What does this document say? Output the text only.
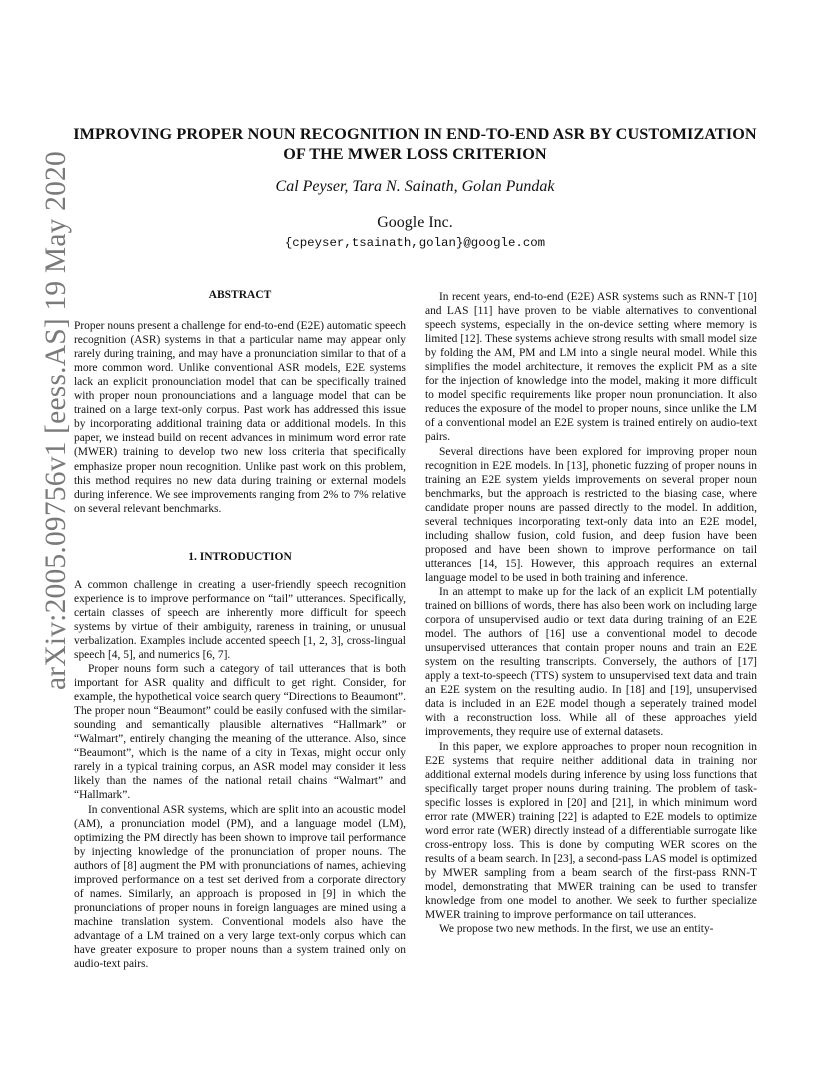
arXiv:2005.09756v1 [eess.AS] 19 May 2020
IMPROVING PROPER NOUN RECOGNITION IN END-TO-END ASR BY CUSTOMIZATION OF THE MWER LOSS CRITERION
Cal Peyser, Tara N. Sainath, Golan Pundak
Google Inc.
{cpeyser,tsainath,golan}@google.com
ABSTRACT

Proper nouns present a challenge for end-to-end (E2E) automatic speech recognition (ASR) systems in that a particular name may appear only rarely during training, and may have a pronunciation similar to that of a more common word. Unlike conventional ASR models, E2E systems lack an explicit pronounciation model that can be specifically trained with proper noun pronounciations and a language model that can be trained on a large text-only corpus. Past work has addressed this issue by incorporating additional training data or additional models. In this paper, we instead build on recent advances in minimum word error rate (MWER) training to develop two new loss criteria that specifically emphasize proper noun recognition. Unlike past work on this problem, this method requires no new data during training or external models during inference. We see improvements ranging from 2% to 7% relative on several relevant benchmarks.

1. INTRODUCTION

A common challenge in creating a user-friendly speech recognition experience is to improve performance on “tail” utterances. Specifically, certain classes of speech are inherently more difficult for speech systems by virtue of their ambiguity, rareness in training, or unusual verbalization. Examples include accented speech [1, 2, 3], cross-lingual speech [4, 5], and numerics [6, 7].

Proper nouns form such a category of tail utterances that is both important for ASR quality and difficult to get right. Consider, for example, the hypothetical voice search query “Directions to Beaumont”. The proper noun “Beaumont” could be easily confused with the similar-sounding and semantically plausible alternatives “Hallmark” or “Walmart”, entirely changing the meaning of the utterance. Also, since “Beaumont”, which is the name of a city in Texas, might occur only rarely in a typical training corpus, an ASR model may consider it less likely than the names of the national retail chains “Walmart” and “Hallmark”.

In conventional ASR systems, which are split into an acoustic model (AM), a pronunciation model (PM), and a language model (LM), optimizing the PM directly has been shown to improve tail performance by injecting knowledge of the pronunciation of proper nouns. The authors of [8] augment the PM with pronunciations of names, achieving improved performance on a test set derived from a corporate directory of names. Similarly, an approach is proposed in [9] in which the pronunciations of proper nouns in foreign languages are mined using a machine translation system. Conventional models also have the advantage of a LM trained on a very large text-only corpus which can have greater exposure to proper nouns than a system trained only on audio-text pairs.

In recent years, end-to-end (E2E) ASR systems such as RNN-T [10] and LAS [11] have proven to be viable alternatives to conventional speech systems, especially in the on-device setting where memory is limited [12]. These systems achieve strong results with small model size by folding the AM, PM and LM into a single neural model. While this simplifies the model architecture, it removes the explicit PM as a site for the injection of knowledge into the model, making it more difficult to model specific requirements like proper noun pronunciation. It also reduces the exposure of the model to proper nouns, since unlike the LM of a conventional model an E2E system is trained entirely on audio-text pairs.

Several directions have been explored for improving proper noun recognition in E2E models. In [13], phonetic fuzzing of proper nouns in training an E2E system yields improvements on several proper noun benchmarks, but the approach is restricted to the biasing case, where candidate proper nouns are passed directly to the model. In addition, several techniques incorporating text-only data into an E2E model, including shallow fusion, cold fusion, and deep fusion have been proposed and have been shown to improve performance on tail utterances [14, 15]. However, this approach requires an external language model to be used in both training and inference.

In an attempt to make up for the lack of an explicit LM potentially trained on billions of words, there has also been work on including large corpora of unsupervised audio or text data during training of an E2E model. The authors of [16] use a conventional model to decode unsupervised utterances that contain proper nouns and train an E2E system on the resulting transcripts. Conversely, the authors of [17] apply a text-to-speech (TTS) system to unsupervised text data and train an E2E system on the resulting audio. In [18] and [19], unsupervised data is included in an E2E model though a seperately trained model with a reconstruction loss. While all of these approaches yield improvements, they require use of external datasets.

In this paper, we explore approaches to proper noun recognition in E2E systems that require neither additional data in training nor additional external models during inference by using loss functions that specifically target proper nouns during training. The problem of task-specific losses is explored in [20] and [21], in which minimum word error rate (MWER) training [22] is adapted to E2E models to optimize word error rate (WER) directly instead of a differentiable surrogate like cross-entropy loss. This is done by computing WER scores on the results of a beam search. In [23], a second-pass LAS model is optimized by MWER sampling from a beam search of the first-pass RNN-T model, demonstrating that MWER training can be used to transfer knowledge from one model to another. We seek to further specialize MWER training to improve performance on tail utterances.

We propose two new methods. In the first, we use an entity-
